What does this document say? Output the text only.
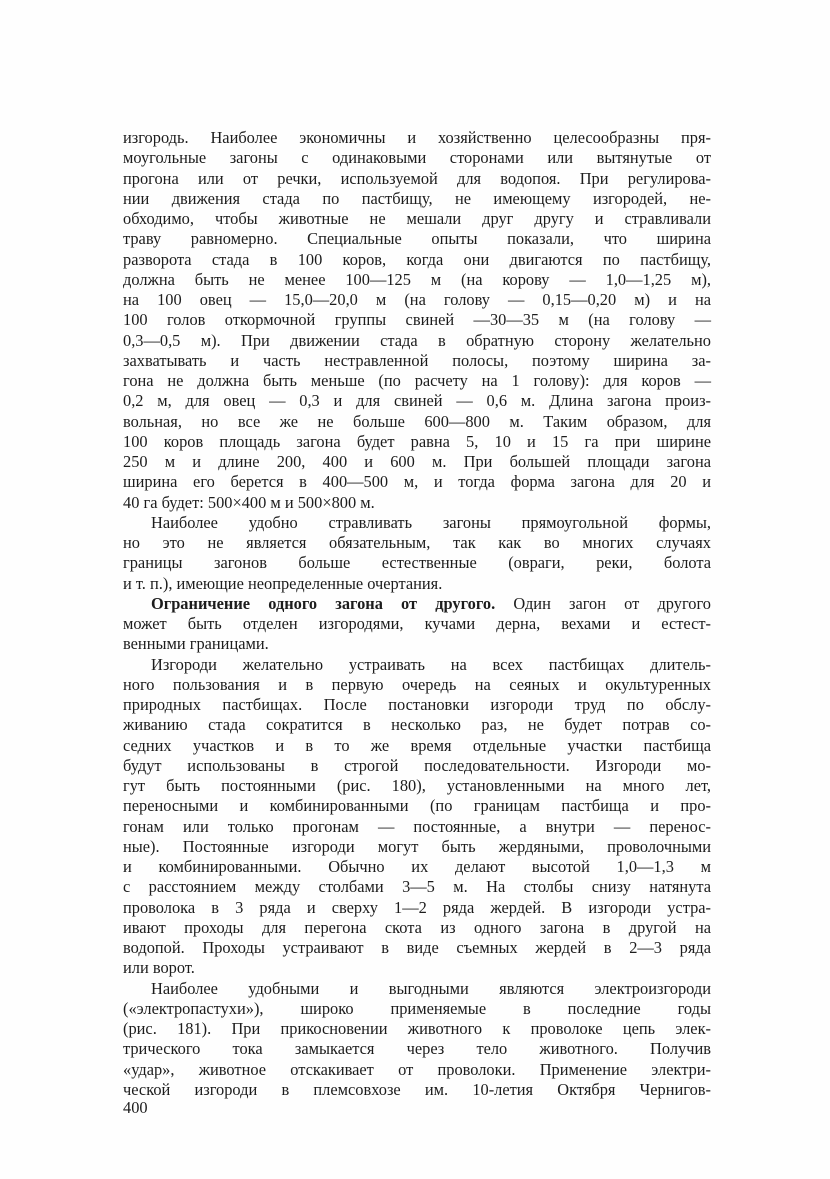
изгородь. Наиболее экономичны и хозяйственно целесообразны пря-
моугольные загоны с одинаковыми сторонами или вытянутые от
прогона или от речки, используемой для водопоя. При регулирова-
нии движения стада по пастбищу, не имеющему изгородей, не-
обходимо, чтобы животные не мешали друг другу и стравливали
траву равномерно. Специальные опыты показали, что ширина
разворота стада в 100 коров, когда они двигаются по пастбищу,
должна быть не менее 100—125 м (на корову — 1,0—1,25 м),
на 100 овец — 15,0—20,0 м (на голову — 0,15—0,20 м) и на
100 голов откормочной группы свиней —30—35 м (на голову —
0,3—0,5 м). При движении стада в обратную сторону желательно
захватывать и часть нестравленной полосы, поэтому ширина за-
гона не должна быть меньше (по расчету на 1 голову): для коров —
0,2 м, для овец — 0,3 и для свиней — 0,6 м. Длина загона произ-
вольная, но все же не больше 600—800 м. Таким образом, для
100 коров площадь загона будет равна 5, 10 и 15 га при ширине
250 м и длине 200, 400 и 600 м. При большей площади загона
ширина его берется в 400—500 м, и тогда форма загона для 20 и
40 га будет: 500×400 м и 500×800 м.
Наиболее удобно стравливать загоны прямоугольной формы,
но это не является обязательным, так как во многих случаях
границы загонов больше естественные (овраги, реки, болота
и т. п.), имеющие неопределенные очертания.
Ограничение одного загона от другого. Один загон от другого
может быть отделен изгородями, кучами дерна, вехами и естест-
венными границами.
Изгороди желательно устраивать на всех пастбищах длитель-
ного пользования и в первую очередь на сеяных и окультуренных
природных пастбищах. После постановки изгороди труд по обслу-
живанию стада сократится в несколько раз, не будет потрав со-
седних участков и в то же время отдельные участки пастбища
будут использованы в строгой последовательности. Изгороди мо-
гут быть постоянными (рис. 180), установленными на много лет,
переносными и комбинированными (по границам пастбища и про-
гонам или только прогонам — постоянные, а внутри — перенос-
ные). Постоянные изгороди могут быть жердяными, проволочными
и комбинированными. Обычно их делают высотой 1,0—1,3 м
с расстоянием между столбами 3—5 м. На столбы снизу натянута
проволока в 3 ряда и сверху 1—2 ряда жердей. В изгороди устра-
ивают проходы для перегона скота из одного загона в другой на
водопой. Проходы устраивают в виде съемных жердей в 2—3 ряда
или ворот.
Наиболее удобными и выгодными являются электроизгороди
(«электропастухи»), широко применяемые в последние годы
(рис. 181). При прикосновении животного к проволоке цепь элек-
трического тока замыкается через тело животного. Получив
«удар», животное отскакивает от проволоки. Применение электри-
ческой изгороди в племсовхозе им. 10-летия Октября Чернигов-
400
